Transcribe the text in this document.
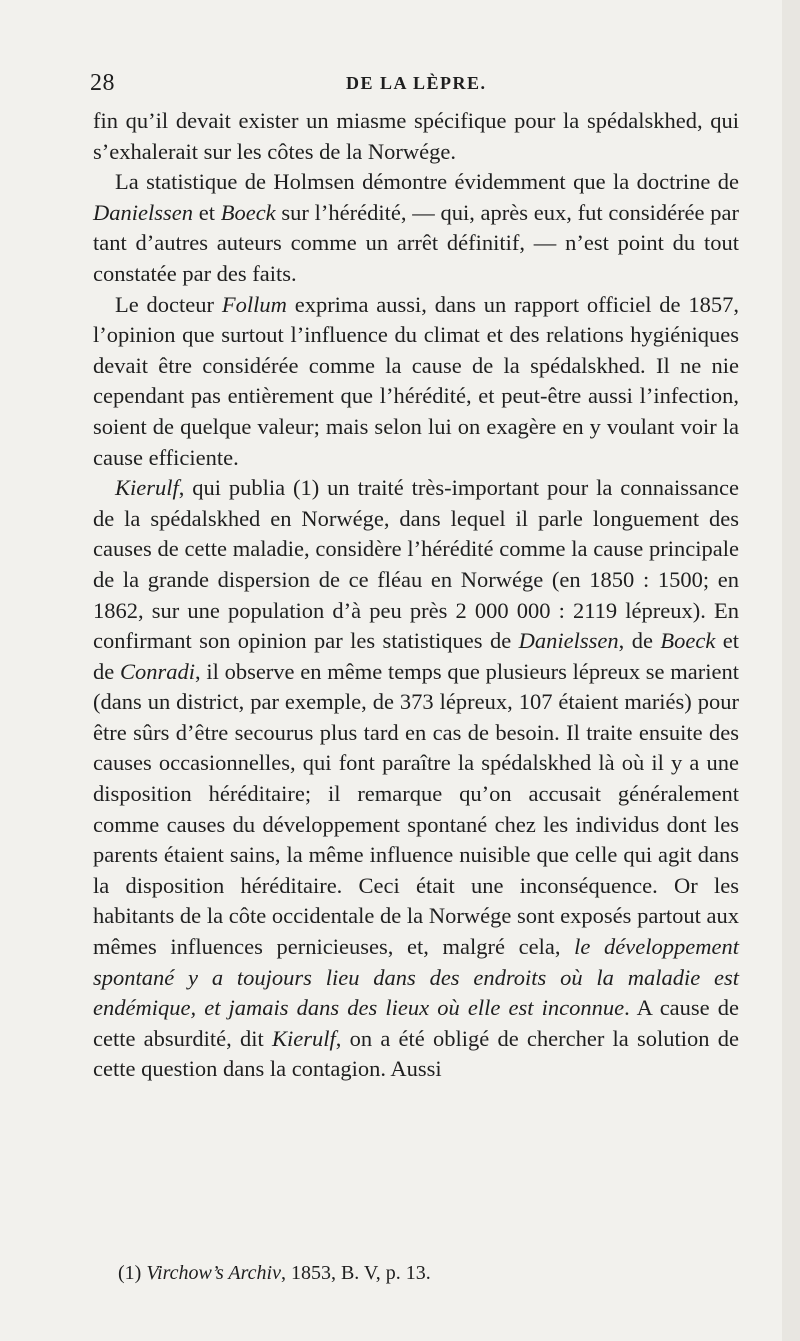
28	DE LA LÈPRE.

fin qu’il devait exister un miasme spécifique pour la spédalskhed, qui s’exhalerait sur les côtes de la Norwége.

La statistique de Holmsen démontre évidemment que la doctrine de Danielssen et Boeck sur l’hérédité, — qui, après eux, fut considérée par tant d’autres auteurs comme un arrêt définitif, — n’est point du tout constatée par des faits.

Le docteur Follum exprima aussi, dans un rapport officiel de 1857, l’opinion que surtout l’influence du climat et des relations hygiéniques devait être considérée comme la cause de la spédalskhed. Il ne nie cependant pas entièrement que l’hérédité, et peut-être aussi l’infection, soient de quelque valeur; mais selon lui on exagère en y voulant voir la cause efficiente.

Kierulf, qui publia (1) un traité très-important pour la connaissance de la spédalskhed en Norwége, dans lequel il parle longuement des causes de cette maladie, considère l’hérédité comme la cause principale de la grande dispersion de ce fléau en Norwége (en 1850 : 1500; en 1862, sur une population d’à peu près 2 000 000 : 2119 lépreux). En confirmant son opinion par les statistiques de Danielssen, de Boeck et de Conradi, il observe en même temps que plusieurs lépreux se marient (dans un district, par exemple, de 373 lépreux, 107 étaient mariés) pour être sûrs d’être secourus plus tard en cas de besoin. Il traite ensuite des causes occasionnelles, qui font paraître la spédalskhed là où il y a une disposition héréditaire; il remarque qu’on accusait généralement comme causes du développement spontané chez les individus dont les parents étaient sains, la même influence nuisible que celle qui agit dans la disposition héréditaire. Ceci était une inconséquence. Or les habitants de la côte occidentale de la Norwége sont exposés partout aux mêmes influences pernicieuses, et, malgré cela, le développement spontané y a toujours lieu dans des endroits où la maladie est endémique, et jamais dans des lieux où elle est inconnue. A cause de cette absurdité, dit Kierulf, on a été obligé de chercher la solution de cette question dans la contagion. Aussi

(1) Virchow’s Archiv, 1853, B. V, p. 13.
